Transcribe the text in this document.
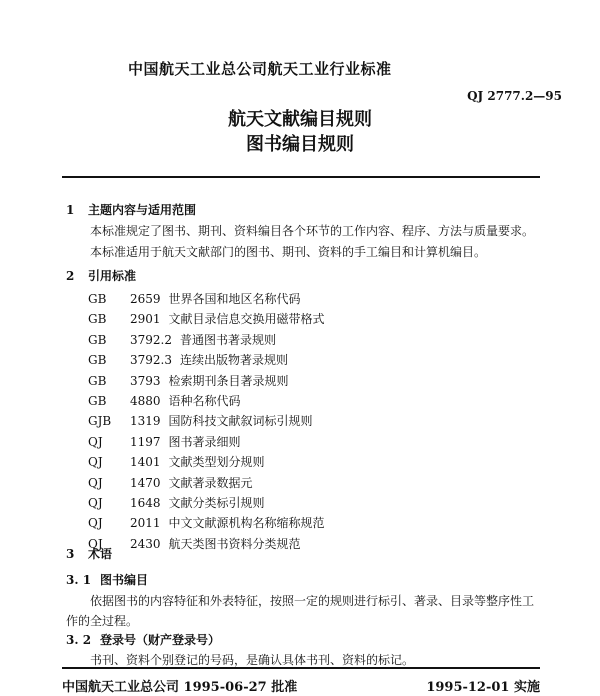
中国航天工业总公司航天工业行业标准
QJ 2777.2—95
航天文献编目规则
图书编目规则
1 主题内容与适用范围
本标准规定了图书、期刊、资料编目各个环节的工作内容、程序、方法与质量要求。
本标准适用于航天文献部门的图书、期刊、资料的手工编目和计算机编目。
2 引用标准
GB 2659 世界各国和地区名称代码
GB 2901 文献目录信息交换用磁带格式
GB 3792.2 普通图书著录规则
GB 3792.3 连续出版物著录规则
GB 3793 检索期刊条目著录规则
GB 4880 语种名称代码
GJB 1319 国防科技文献叙词标引规则
QJ 1197 图书著录细则
QJ 1401 文献类型划分规则
QJ 1470 文献著录数据元
QJ 1648 文献分类标引规则
QJ 2011 中文文献源机构名称缩称规范
QJ 2430 航天类图书资料分类规范
3 术语
3. 1 图书编目
依据图书的内容特征和外表特征，按照一定的规则进行标引、著录、目录等整序性工
作的全过程。
3. 2 登录号（财产登录号）
书刊、资料个别登记的号码，是确认具体书刊、资料的标记。
中国航天工业总公司 1995-06-27 批准	1995-12-01 实施
